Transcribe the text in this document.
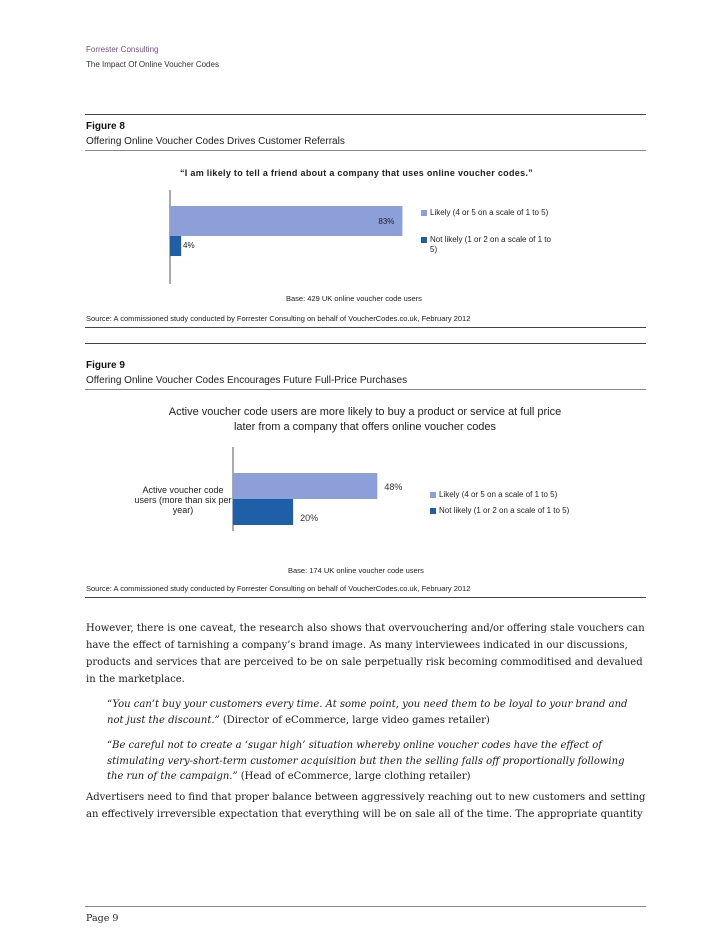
Forrester Consulting
The Impact Of Online Voucher Codes
Figure 8
Offering Online Voucher Codes Drives Customer Referrals
“I am likely to tell a friend about a company that uses online voucher codes.”
83%
4%
Likely (4 or 5 on a scale of 1 to 5)
Not likely (1 or 2 on a scale of 1 to 5)
Base: 429 UK online voucher code users
Source: A commissioned study conducted by Forrester Consulting on behalf of VoucherCodes.co.uk, February 2012
Figure 9
Offering Online Voucher Codes Encourages Future Full-Price Purchases
Active voucher code users are more likely to buy a product or service at full price
later from a company that offers online voucher codes
48%
20%
Active voucher code
users (more than six per
year)
Likely (4 or 5 on a scale of 1 to 5)
Not likely (1 or 2 on a scale of 1 to 5)
Base: 174 UK online voucher code users
Source: A commissioned study conducted by Forrester Consulting on behalf of VoucherCodes.co.uk, February 2012
However, there is one caveat, the research also shows that overvouchering and/or offering stale vouchers can have the effect of tarnishing a company’s brand image. As many interviewees indicated in our discussions, products and services that are perceived to be on sale perpetually risk becoming commoditised and devalued in the marketplace.
“You can’t buy your customers every time. At some point, you need them to be loyal to your brand and not just the discount.” (Director of eCommerce, large video games retailer)
“Be careful not to create a ‘sugar high’ situation whereby online voucher codes have the effect of stimulating very-short-term customer acquisition but then the selling falls off proportionally following the run of the campaign.” (Head of eCommerce, large clothing retailer)
Advertisers need to find that proper balance between aggressively reaching out to new customers and setting an effectively irreversible expectation that everything will be on sale all of the time. The appropriate quantity
Page 9
